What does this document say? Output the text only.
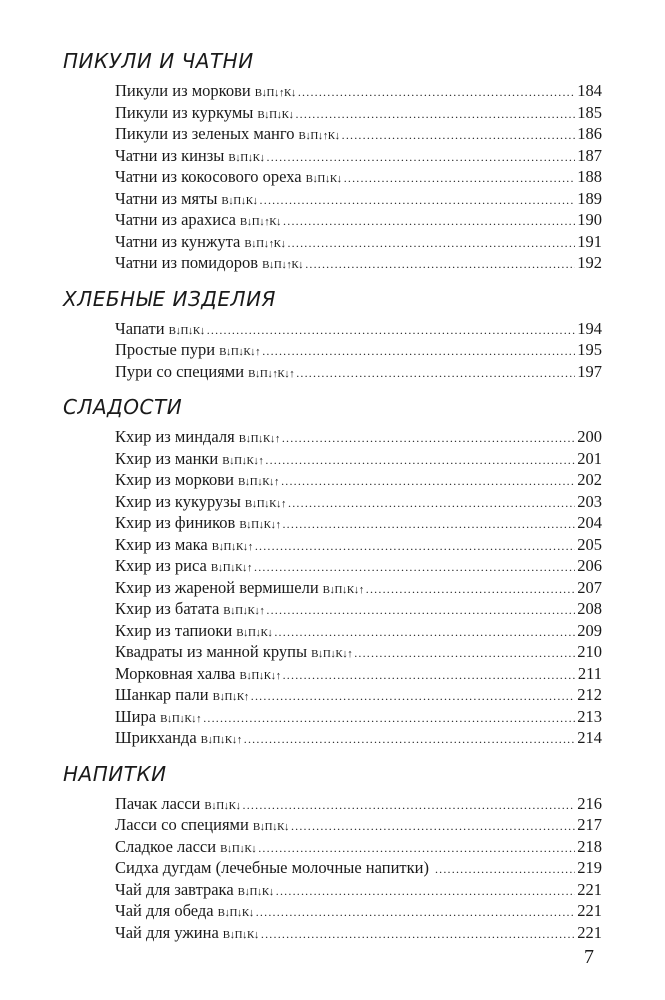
ПИКУЛИ И ЧАТНИ
Пикули из моркови В↓П↓↑К↓ .....	184
Пикули из куркумы В↓П↓К↓ .....	185
Пикули из зеленых манго В↓П↓↑К↓ .....	186
Чатни из кинзы В↓П↓К↓ .....	187
Чатни из кокосового ореха В↓П↓К↓ .....	188
Чатни из мяты В↓П↓К↓ .....	189
Чатни из арахиса В↓П↓↑К↓ .....	190
Чатни из кунжута В↓П↓↑К↓ .....	191
Чатни из помидоров В↓П↓↑К↓ .....	192
ХЛЕБНЫЕ ИЗДЕЛИЯ
Чапати В↓П↓К↓ .....	194
Простые пури В↓П↓К↓↑ .....	195
Пури со специями В↓П↓↑К↓↑ .....	197
СЛАДОСТИ
Кхир из миндаля В↓П↓К↓↑ .....	200
Кхир из манки В↓П↓К↓↑ .....	201
Кхир из моркови В↓П↓К↓↑ .....	202
Кхир из кукурузы В↓П↓К↓↑ .....	203
Кхир из фиников В↓П↓К↓↑ .....	204
Кхир из мака В↓П↓К↓↑ .....	205
Кхир из риса В↓П↓К↓↑ .....	206
Кхир из жареной вермишели В↓П↓К↓↑ .....	207
Кхир из батата В↓П↓К↓↑ .....	208
Кхир из тапиоки В↓П↓К↓ .....	209
Квадраты из манной крупы В↓П↓К↓↑ .....	210
Морковная халва В↓П↓К↓↑ .....	211
Шанкар пали В↓П↓К↑ .....	212
Шира В↓П↓К↓↑ .....	213
Шрикханда В↓П↓К↓↑ .....	214
НАПИТКИ
Пачак ласси В↓П↓К↓ .....	216
Ласси со специями В↓П↓К↓ .....	217
Сладкое ласси В↓П↓К↓ .....	218
Сидха дугдам (лечебные молочные напитки) .....	219
Чай для завтрака В↓П↓К↓ .....	221
Чай для обеда В↓П↓К↓ .....	221
Чай для ужина В↓П↓К↓ .....	221
7
